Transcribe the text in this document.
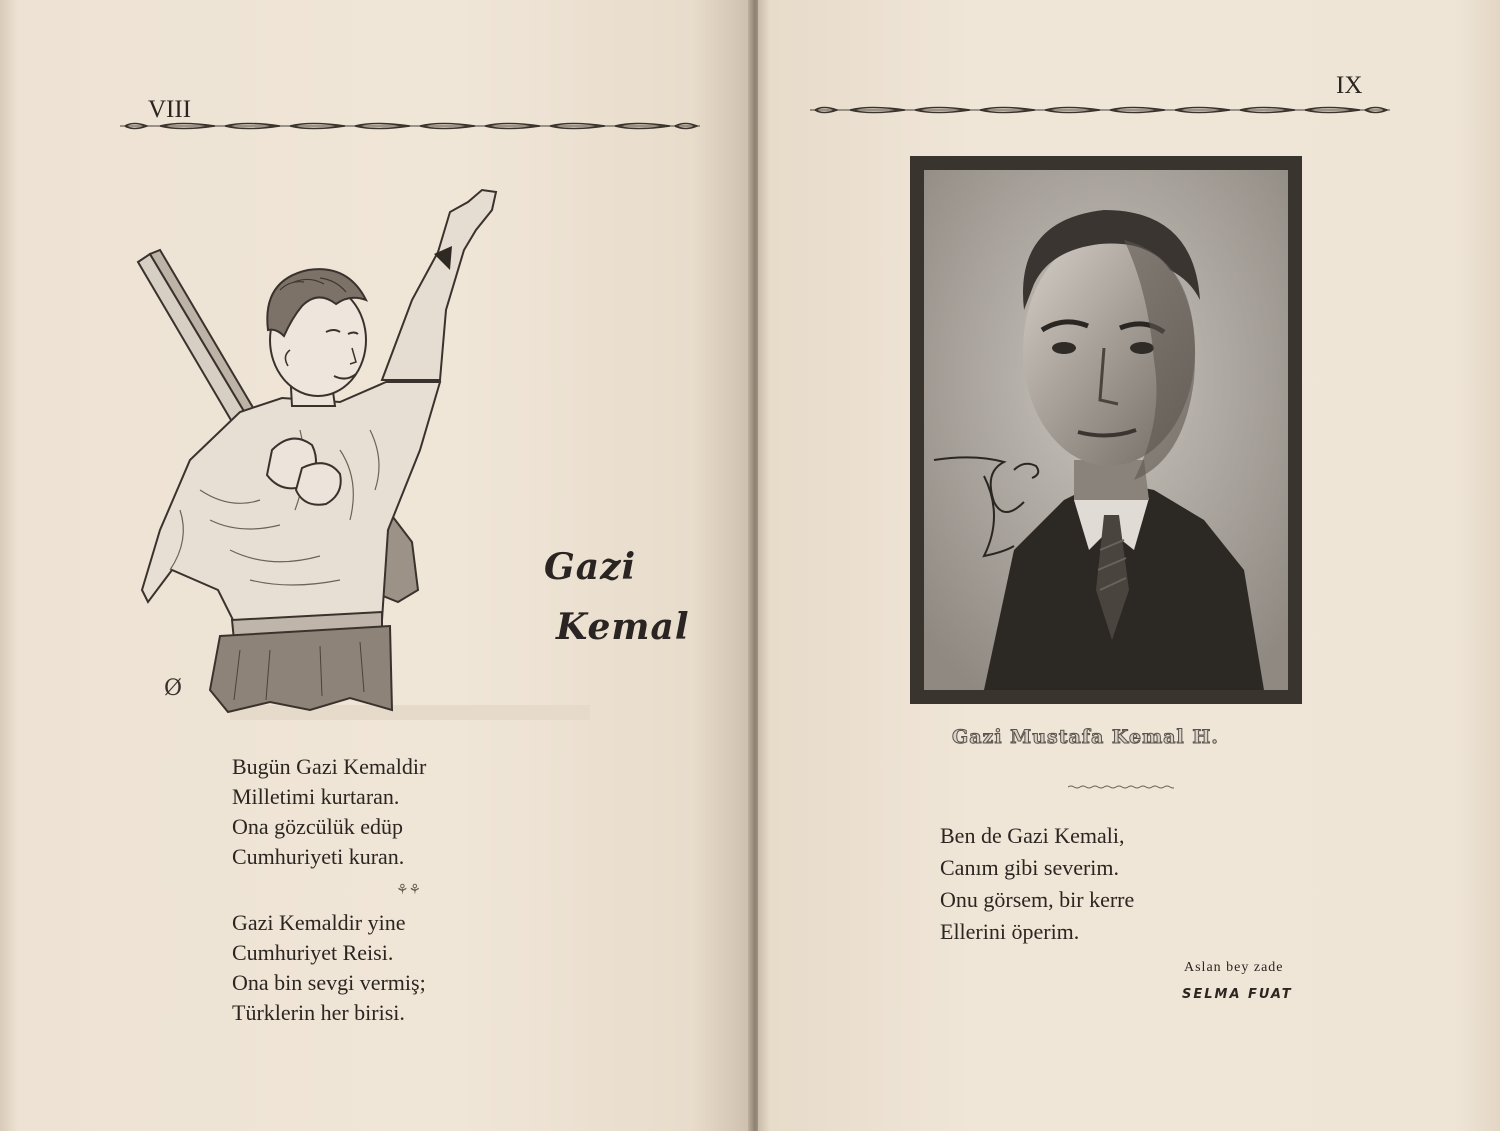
VIII
Ø
Gazi
Kemal
Bugün Gazi Kemaldir
Milletimi kurtaran.
Ona gözcülük edüp
Cumhuriyeti kuran.
⚘⚘
Gazi Kemaldir yine
Cumhuriyet Reisi.
Ona bin sevgi vermiş;
Türklerin her birisi.
IX
Gazi Mustafa Kemal H.
Ben de Gazi Kemali,
Canım gibi severim.
Onu görsem, bir kerre
Ellerini öperim.
Aslan bey zade
SELMA FUAT
